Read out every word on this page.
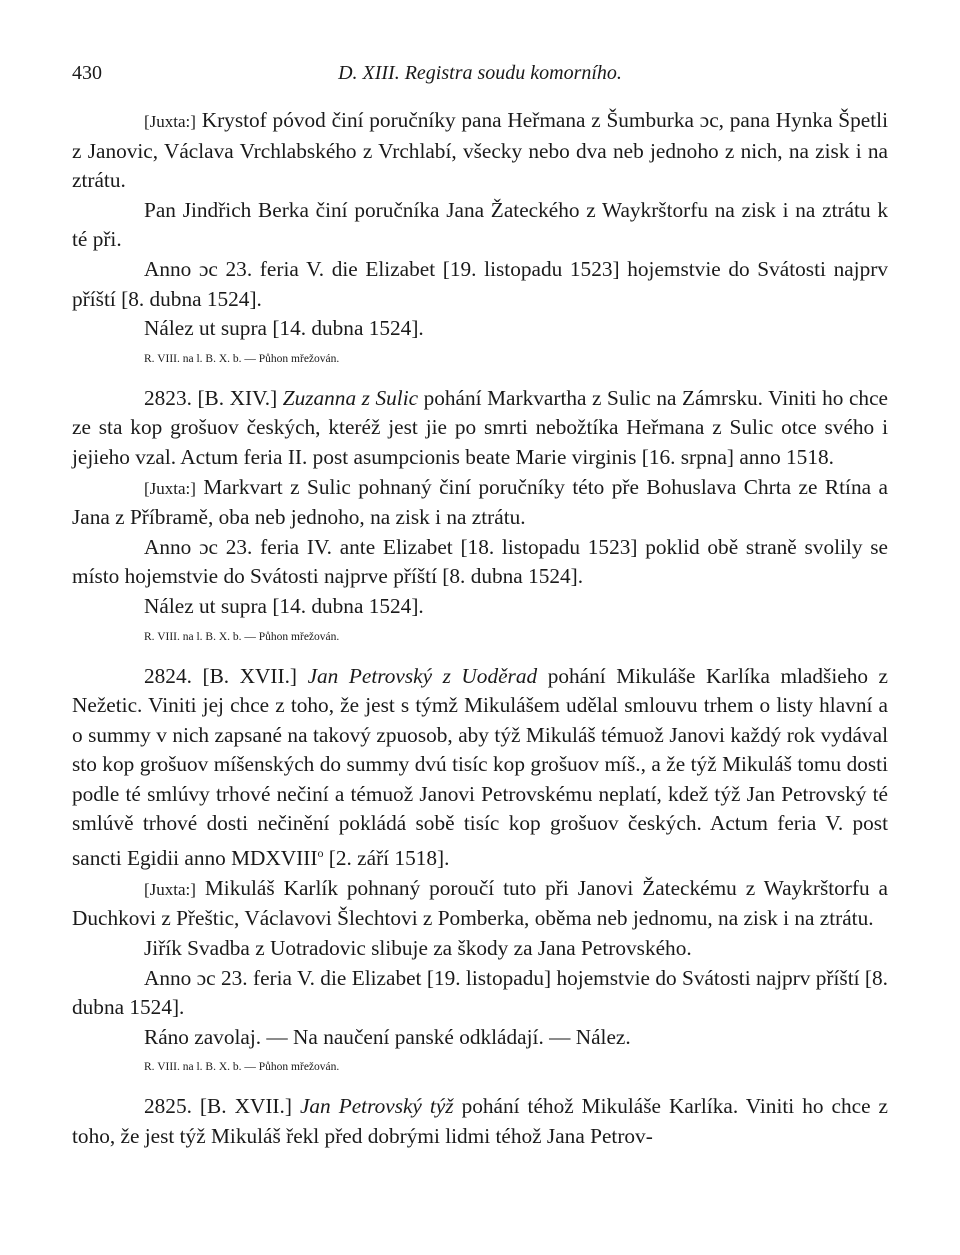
430	D. XIII. Registra soudu komorního.

[Juxta:] Krystof póvod činí poručníky pana Heřmana z Šumburka ɔc, pana Hynka Špetli z Janovic, Václava Vrchlabského z Vrchlabí, všecky nebo dva neb jednoho z nich, na zisk i na ztrátu.

Pan Jindřich Berka činí poručníka Jana Žateckého z Waykrštorfu na zisk i na ztrátu k té při.

Anno ɔc 23. feria V. die Elizabet [19. listopadu 1523] hojemstvie do Svátosti najprv příští [8. dubna 1524].

Nález ut supra [14. dubna 1524].

R. VIII. na l. B. X. b. — Půhon mřežován.

2823. [B. XIV.] Zuzanna z Sulic pohání Markvartha z Sulic na Zámrsku. Viniti ho chce ze sta kop grošuov českých, kteréž jest jie po smrti nebožtíka Heřmana z Sulic otce svého i jejieho vzal. Actum feria II. post asumpcionis beate Marie virginis [16. srpna] anno 1518.

[Juxta:] Markvart z Sulic pohnaný činí poručníky této pře Bohuslava Chrta ze Rtína a Jana z Příbramě, oba neb jednoho, na zisk i na ztrátu.

Anno ɔc 23. feria IV. ante Elizabet [18. listopadu 1523] poklid obě straně svolily se místo hojemstvie do Svátosti najprve příští [8. dubna 1524].

Nález ut supra [14. dubna 1524].

R. VIII. na l. B. X. b. — Půhon mřežován.

2824. [B. XVII.] Jan Petrovský z Uoděrad pohání Mikuláše Karlíka mladšieho z Nežetic. Viniti jej chce z toho, že jest s týmž Mikulášem udělal smlouvu trhem o listy hlavní a o summy v nich zapsané na takový zpuosob, aby týž Mikuláš témuož Janovi každý rok vydával sto kop grošuov míšenských do summy dvú tisíc kop grošuov míš., a že týž Mikuláš tomu dosti podle té smlúvy trhové nečiní a témuož Janovi Petrovskému neplatí, kdež týž Jan Petrovský té smlúvě trhové dosti nečinění pokládá sobě tisíc kop grošuov českých. Actum feria V. post sancti Egidii anno MDXVIII$^o$ [2. září 1518].

[Juxta:] Mikuláš Karlík pohnaný poroučí tuto při Janovi Žateckému z Waykrštorfu a Duchkovi z Přeštic, Václavovi Šlechtovi z Pomberka, oběma neb jednomu, na zisk i na ztrátu.

Jiřík Svadba z Uotradovic slibuje za škody za Jana Petrovského.

Anno ɔc 23. feria V. die Elizabet [19. listopadu] hojemstvie do Svátosti najprv příští [8. dubna 1524].

Ráno zavolaj. — Na naučení panské odkládají. — Nález.

R. VIII. na l. B. X. b. — Půhon mřežován.

2825. [B. XVII.] Jan Petrovský týž pohání téhož Mikuláše Karlíka. Viniti ho chce z toho, že jest týž Mikuláš řekl před dobrými lidmi téhož Jana Petrov-
